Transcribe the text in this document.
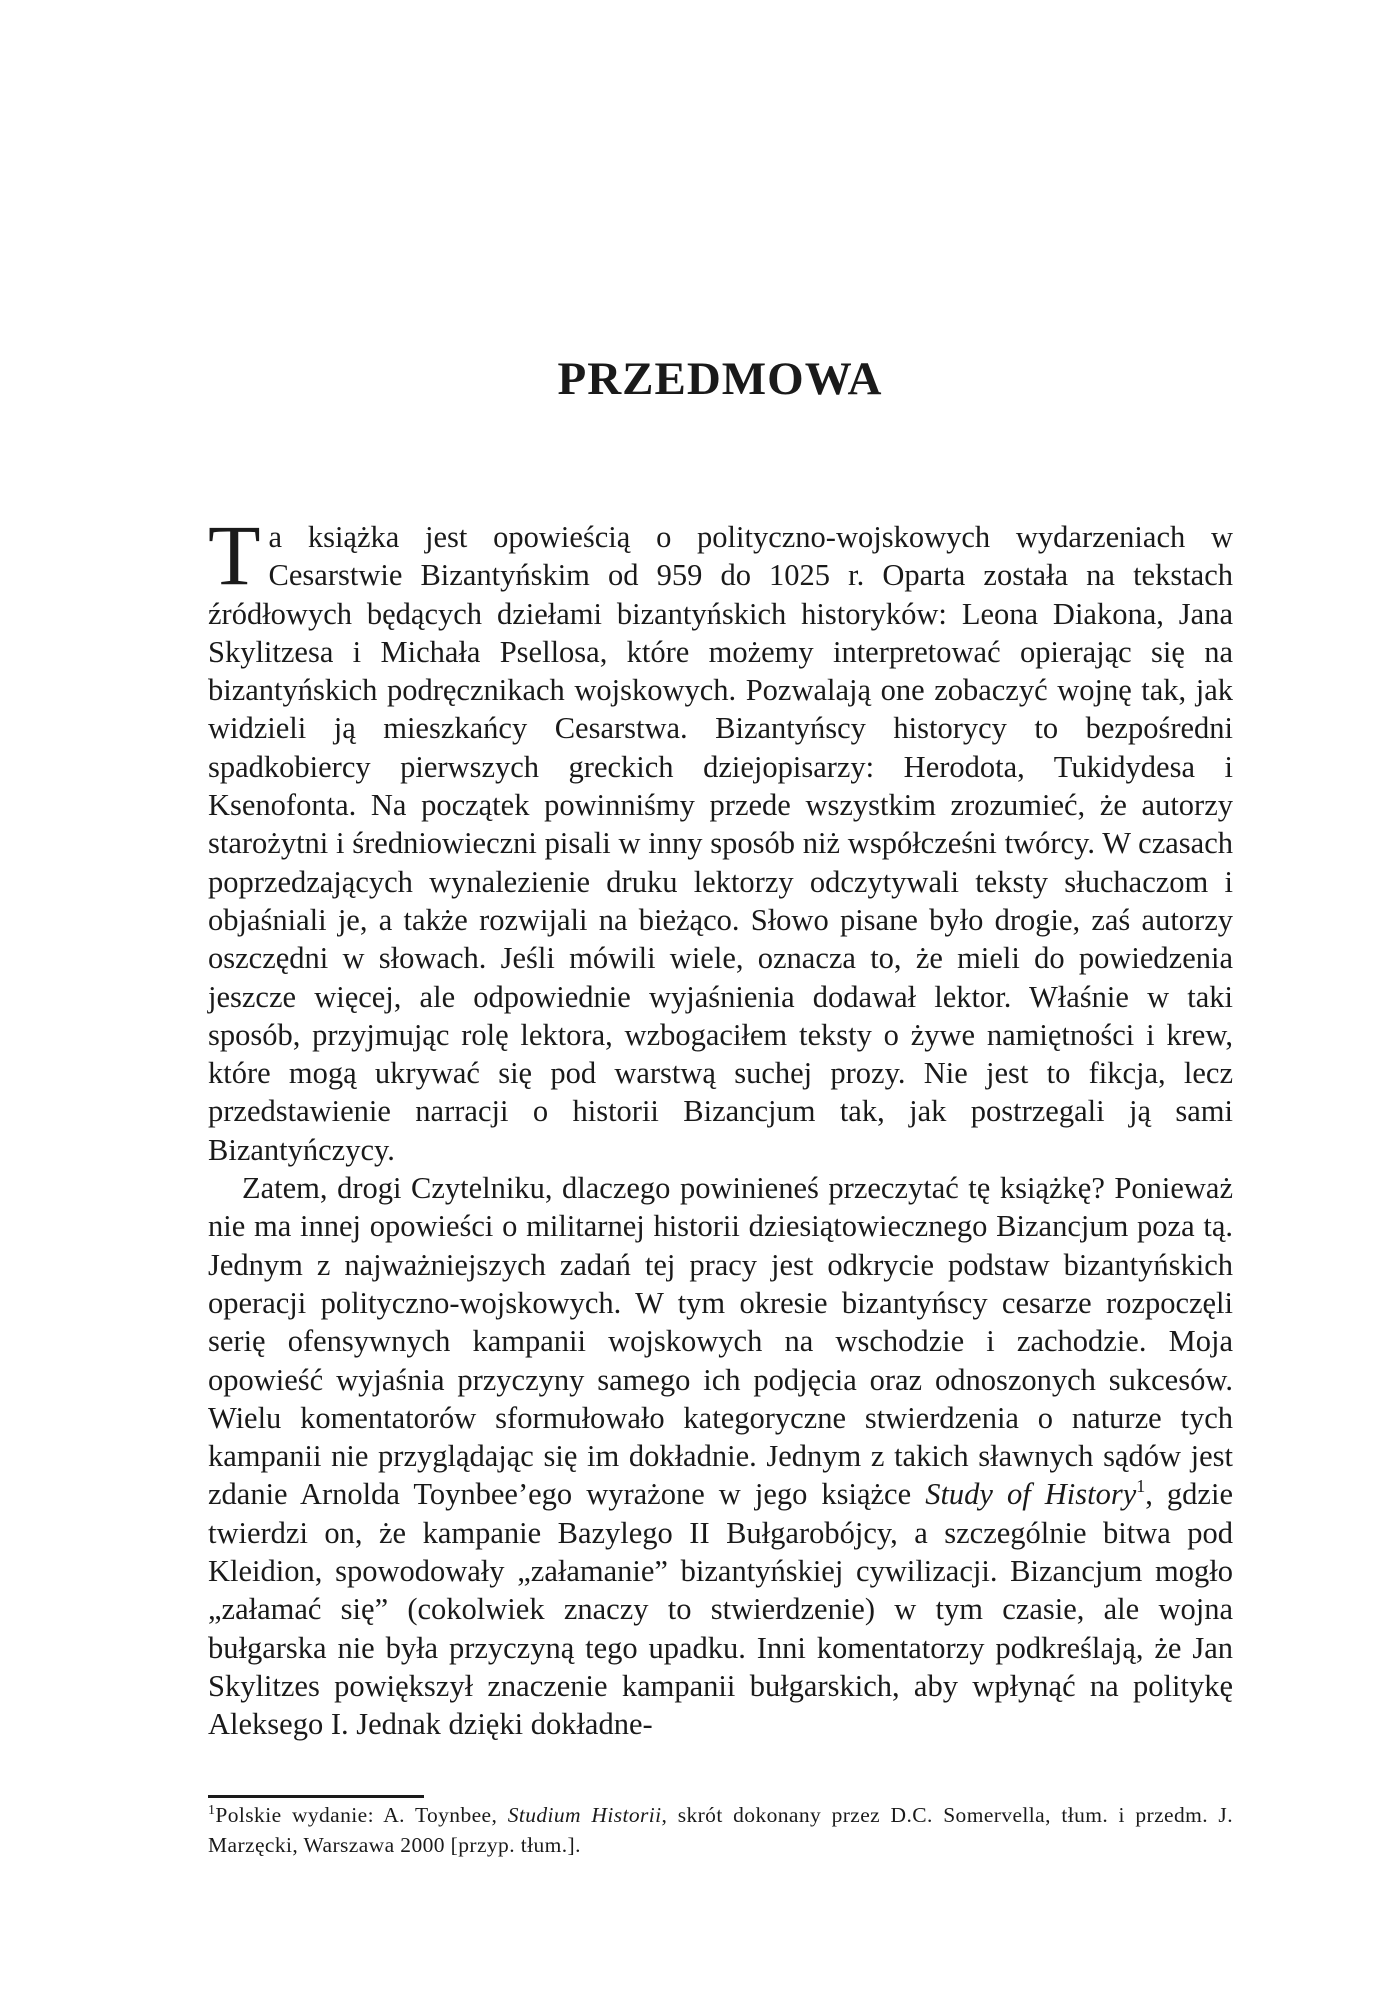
PRZEDMOWA

Ta książka jest opowieścią o polityczno-wojskowych wydarzeniach w Cesarstwie Bizantyńskim od 959 do 1025 r. Oparta została na tekstach źródłowych będących dziełami bizantyńskich historyków: Leona Diakona, Jana Skylitzesa i Michała Psellosa, które możemy interpretować opierając się na bizantyńskich podręcznikach wojskowych. Pozwalają one zobaczyć wojnę tak, jak widzieli ją mieszkańcy Cesarstwa. Bizantyńscy historycy to bezpośredni spadkobiercy pierwszych greckich dziejopisarzy: Herodota, Tukidydesa i Ksenofonta. Na początek powinniśmy przede wszystkim zrozumieć, że autorzy starożytni i średniowieczni pisali w inny sposób niż współcześni twórcy. W czasach poprzedzających wynalezienie druku lektorzy odczytywali teksty słuchaczom i objaśniali je, a także rozwijali na bieżąco. Słowo pisane było drogie, zaś autorzy oszczędni w słowach. Jeśli mówili wiele, oznacza to, że mieli do powiedzenia jeszcze więcej, ale odpowiednie wyjaśnienia dodawał lektor. Właśnie w taki sposób, przyjmując rolę lektora, wzbogaciłem teksty o żywe namiętności i krew, które mogą ukrywać się pod warstwą suchej prozy. Nie jest to fikcja, lecz przedstawienie narracji o historii Bizancjum tak, jak postrzegali ją sami Bizantyńczycy.

Zatem, drogi Czytelniku, dlaczego powinieneś przeczytać tę książkę? Ponieważ nie ma innej opowieści o militarnej historii dziesiątowiecznego Bizancjum poza tą. Jednym z najważniejszych zadań tej pracy jest odkrycie podstaw bizantyńskich operacji polityczno-wojskowych. W tym okresie bizantyńscy cesarze rozpoczęli serię ofensywnych kampanii wojskowych na wschodzie i zachodzie. Moja opowieść wyjaśnia przyczyny samego ich podjęcia oraz odnoszonych sukcesów. Wielu komentatorów sformułowało kategoryczne stwierdzenia o naturze tych kampanii nie przyglądając się im dokładnie. Jednym z takich sławnych sądów jest zdanie Arnolda Toynbee’ego wyrażone w jego książce Study of History$^1$, gdzie twierdzi on, że kampanie Bazylego II Bułgarobójcy, a szczególnie bitwa pod Kleidion, spowodowały „załamanie” bizantyńskiej cywilizacji. Bizancjum mogło „załamać się” (cokolwiek znaczy to stwierdzenie) w tym czasie, ale wojna bułgarska nie była przyczyną tego upadku. Inni komentatorzy podkreślają, że Jan Skylitzes powiększył znaczenie kampanii bułgarskich, aby wpłynąć na politykę Aleksego I. Jednak dzięki dokładne-

$^1$Polskie wydanie: A. Toynbee, Studium Historii, skrót dokonany przez D.C. Somervella, tłum. i przedm. J. Marzęcki, Warszawa 2000 [przyp. tłum.].
